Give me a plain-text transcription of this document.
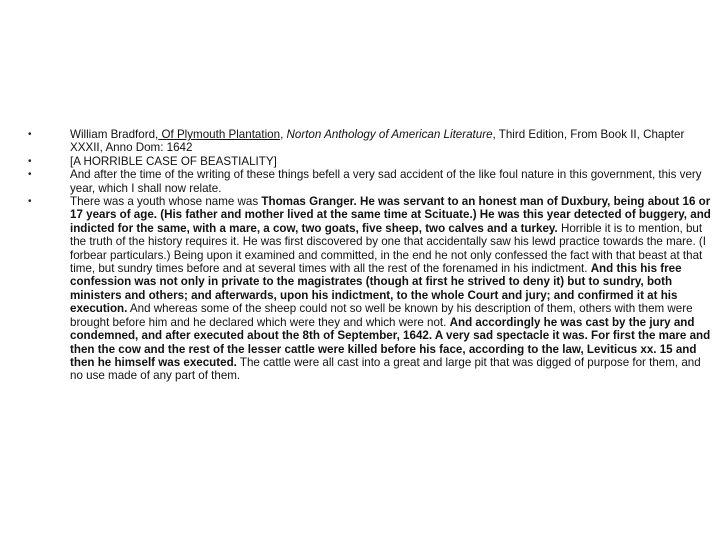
•	William Bradford, Of Plymouth Plantation, Norton Anthology of American Literature, Third Edition, From Book II, Chapter XXXII, Anno Dom: 1642
•	[A HORRIBLE CASE OF BEASTIALITY]
•	And after the time of the writing of these things befell a very sad accident of the like foul nature in this government, this very year, which I shall now relate.
•	There was a youth whose name was Thomas Granger. He was servant to an honest man of Duxbury, being about 16 or 17 years of age. (His father and mother lived at the same time at Scituate.) He was this year detected of buggery, and indicted for the same, with a mare, a cow, two goats, five sheep, two calves and a turkey. Horrible it is to mention, but the truth of the history requires it. He was first discovered by one that accidentally saw his lewd practice towards the mare. (I forbear particulars.) Being upon it examined and committed, in the end he not only confessed the fact with that beast at that time, but sundry times before and at several times with all the rest of the forenamed in his indictment. And this his free confession was not only in private to the magistrates (though at first he strived to deny it) but to sundry, both ministers and others; and afterwards, upon his indictment, to the whole Court and jury; and confirmed it at his execution. And whereas some of the sheep could not so well be known by his description of them, others with them were brought before him and he declared which were they and which were not. And accordingly he was cast by the jury and condemned, and after executed about the 8th of September, 1642. A very sad spectacle it was. For first the mare and then the cow and the rest of the lesser cattle were killed before his face, according to the law, Leviticus xx. 15 and then he himself was executed. The cattle were all cast into a great and large pit that was digged of purpose for them, and no use made of any part of them.
